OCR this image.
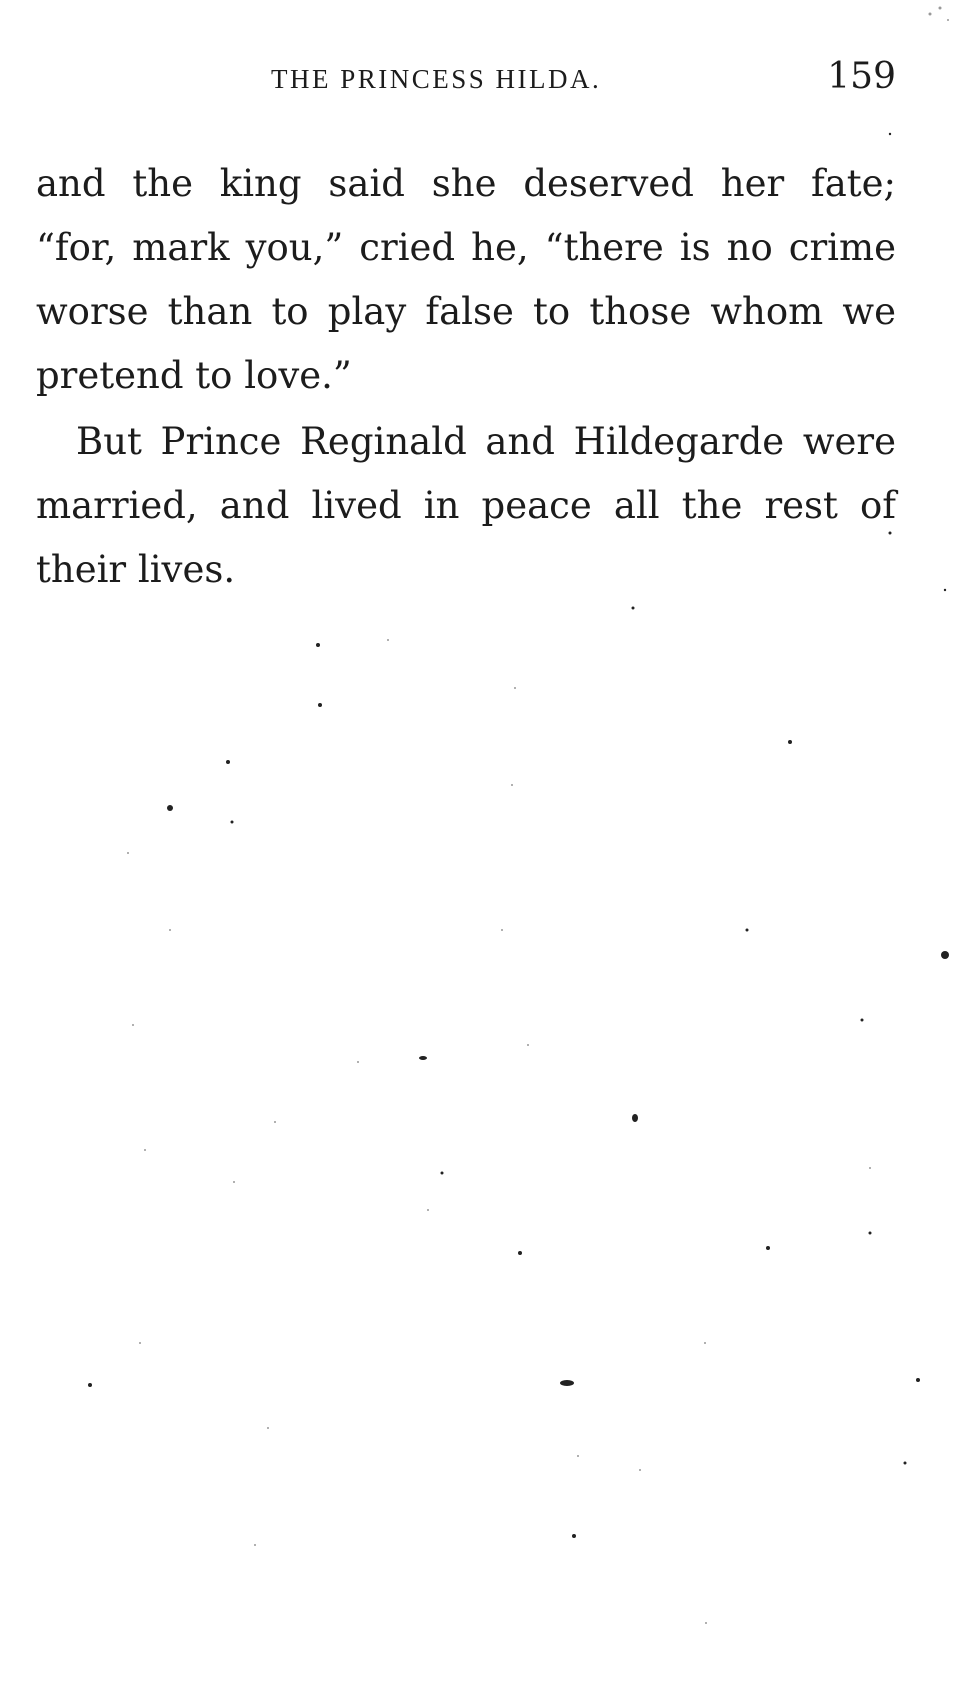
THE PRINCESS HILDA.	159
and the king said she deserved her fate;
“for, mark you,” cried he, “there is no crime
worse than to play false to those whom we
pretend to love.”
But Prince Reginald and Hildegarde were
married, and lived in peace all the rest of
their lives.
